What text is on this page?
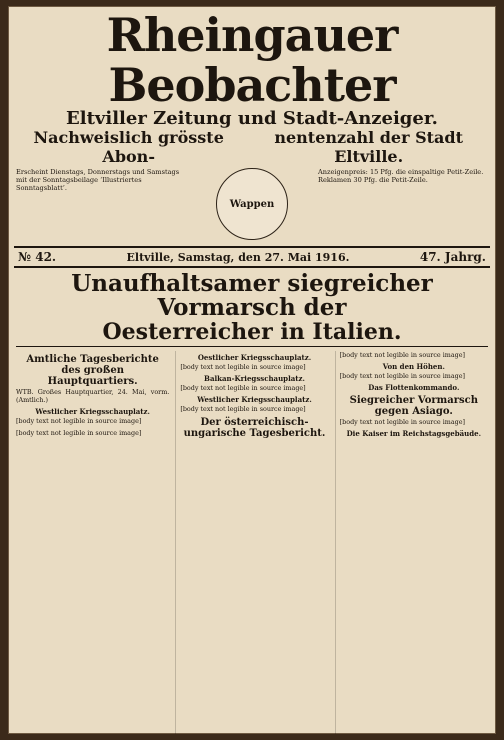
Rheingauer Beobachter
Eltviller Zeitung und Stadt-Anzeiger.
Nachweislich grösste Abon-
nentenzahl der Stadt Eltville.
Erscheint Dienstags, Donnerstags und Samstags mit der Sonntagsbeilage ‘Illustriertes Sonntagsblatt’.
Wappen
Anzeigenpreis: 15 Pfg. die einspaltige Petit-Zeile. Reklamen 30 Pfg. die Petit-Zeile.
№ 42.	Eltville, Samstag, den 27. Mai 1916.	47. Jahrg.
Unaufhaltsamer siegreicher Vormarsch der
Oesterreicher in Italien.
Amtliche Tagesberichte des großen Hauptquartiers.

WTB. Großes Hauptquartier, 24. Mai, vorm. (Amtlich.)

Westlicher Kriegsschauplatz.

[body text not legible in source image]

[body text not legible in source image]

Oestlicher Kriegsschauplatz.

[body text not legible in source image]

Balkan-Kriegsschauplatz.

[body text not legible in source image]

Westlicher Kriegsschauplatz.

[body text not legible in source image]

Der österreichisch-ungarische Tagesbericht.

[body text not legible in source image]

Von den Höhen.

[body text not legible in source image]

Das Flottenkommando.
Siegreicher Vormarsch gegen Asiago.

[body text not legible in source image]

Die Kaiser im Reichstagsgebäude.
